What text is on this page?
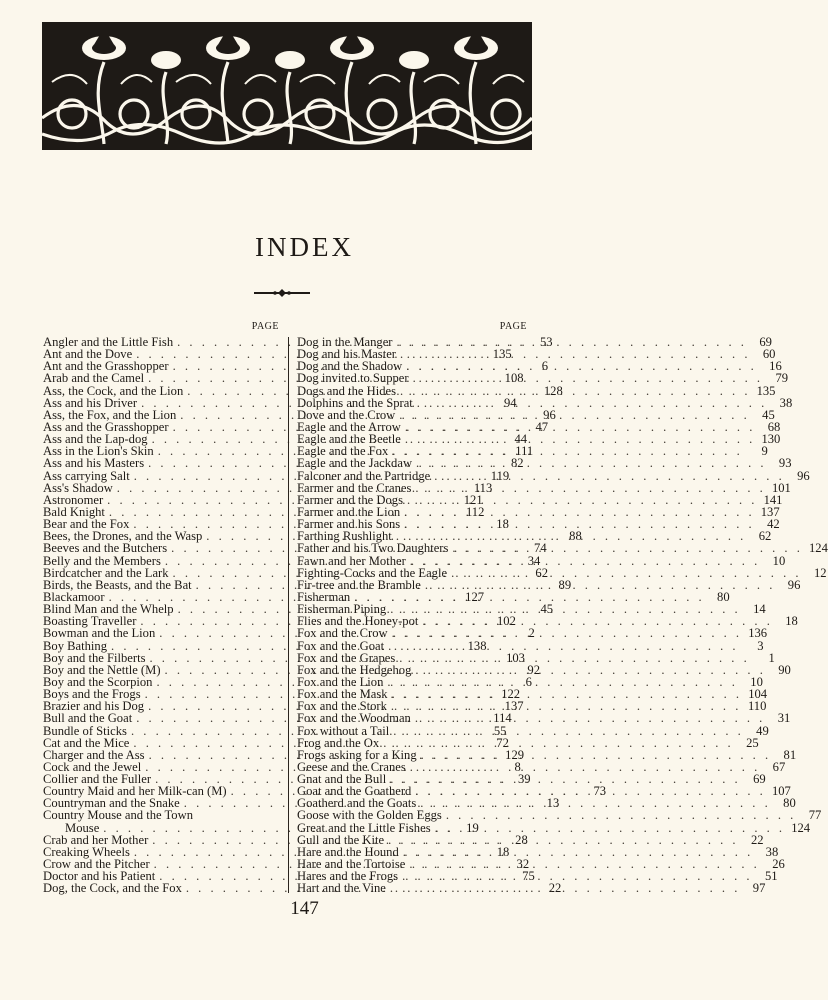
INDEX
PAGE
Angler and the Little Fish . . .	53
Ant and the Dove . . .	135
Ant and the Grasshopper . . .	6
Arab and the Camel . . .	108
Ass, the Cock, and the Lion . . .	128
Ass and his Driver . . .	94
Ass, the Fox, and the Lion . . .	96
Ass and the Grasshopper . . .	47
Ass and the Lap-dog . . .	44
Ass in the Lion's Skin . . .	111
Ass and his Masters . . .	82
Ass carrying Salt . . .	119
Ass's Shadow . . .	113
Astronomer . . .	121
Bald Knight . . .	112
Bear and the Fox . . .	18
Bees, the Drones, and the Wasp . . .	88
Beeves and the Butchers . . .	74
Belly and the Members . . .	34
Birdcatcher and the Lark . . .	62
Birds, the Beasts, and the Bat . . .	89
Blackamoor . . .	127
Blind Man and the Whelp . . .	45
Boasting Traveller . . .	102
Bowman and the Lion . . .	2
Boy Bathing . . .	138
Boy and the Filberts . . .	103
Boy and the Nettle (M) . . .	92
Boy and the Scorpion . . .	6
Boys and the Frogs . . .	122
Brazier and his Dog . . .	137
Bull and the Goat . . .	114
Bundle of Sticks . . .	55
Cat and the Mice . . .	72
Charger and the Ass . . .	129
Cock and the Jewel . . .	8
Collier and the Fuller . . .	39
Country Maid and her Milk-can (M) . . .	73
Countryman and the Snake . . .	13
Country Mouse and the Town
Mouse . . .	19
Crab and her Mother . . .	28
Creaking Wheels . . .	18
Crow and the Pitcher . . .	32
Doctor and his Patient . . .	75
Dog, the Cock, and the Fox . . .	22
PAGE
Dog in the Manger . . .	69
Dog and his Master . . .	60
Dog and the Shadow . . .	16
Dog invited to Supper . . .	79
Dogs and the Hides . . .	135
Dolphins and the Sprat . . .	38
Dove and the Crow . . .	45
Eagle and the Arrow . . .	68
Eagle and the Beetle . . .	130
Eagle and the Fox . . .	9
Eagle and the Jackdaw . . .	93
Falconer and the Partridge . . .	96
Farmer and the Cranes . . .	101
Farmer and the Dogs . . .	141
Farmer and the Lion . . .	137
Farmer and his Sons . . .	42
Farthing Rushlight . . .	62
Father and his Two Daughters . . .	124
Fawn and her Mother . . .	10
Fighting-Cocks and the Eagle . . .	12
Fir-tree and the Bramble . . .	96
Fisherman . . .	80
Fisherman Piping . . .	14
Flies and the Honey-pot . . .	18
Fox and the Crow . . .	136
Fox and the Goat . . .	3
Fox and the Grapes . . .	1
Fox and the Hedgehog . . .	90
Fox and the Lion . . .	10
Fox and the Mask . . .	104
Fox and the Stork . . .	110
Fox and the Woodman . . .	31
Fox without a Tail . . .	49
Frog and the Ox . . .	25
Frogs asking for a King . . .	81
Geese and the Cranes . . .	67
Gnat and the Bull . . .	69
Goat and the Goatherd . . .	107
Goatherd and the Goats . . .	80
Goose with the Golden Eggs . . .	77
Great and the Little Fishes . . .	124
Gull and the Kite . . .	22
Hare and the Hound . . .	38
Hare and the Tortoise . . .	26
Hares and the Frogs . . .	51
Hart and the Vine . . .	97
147
